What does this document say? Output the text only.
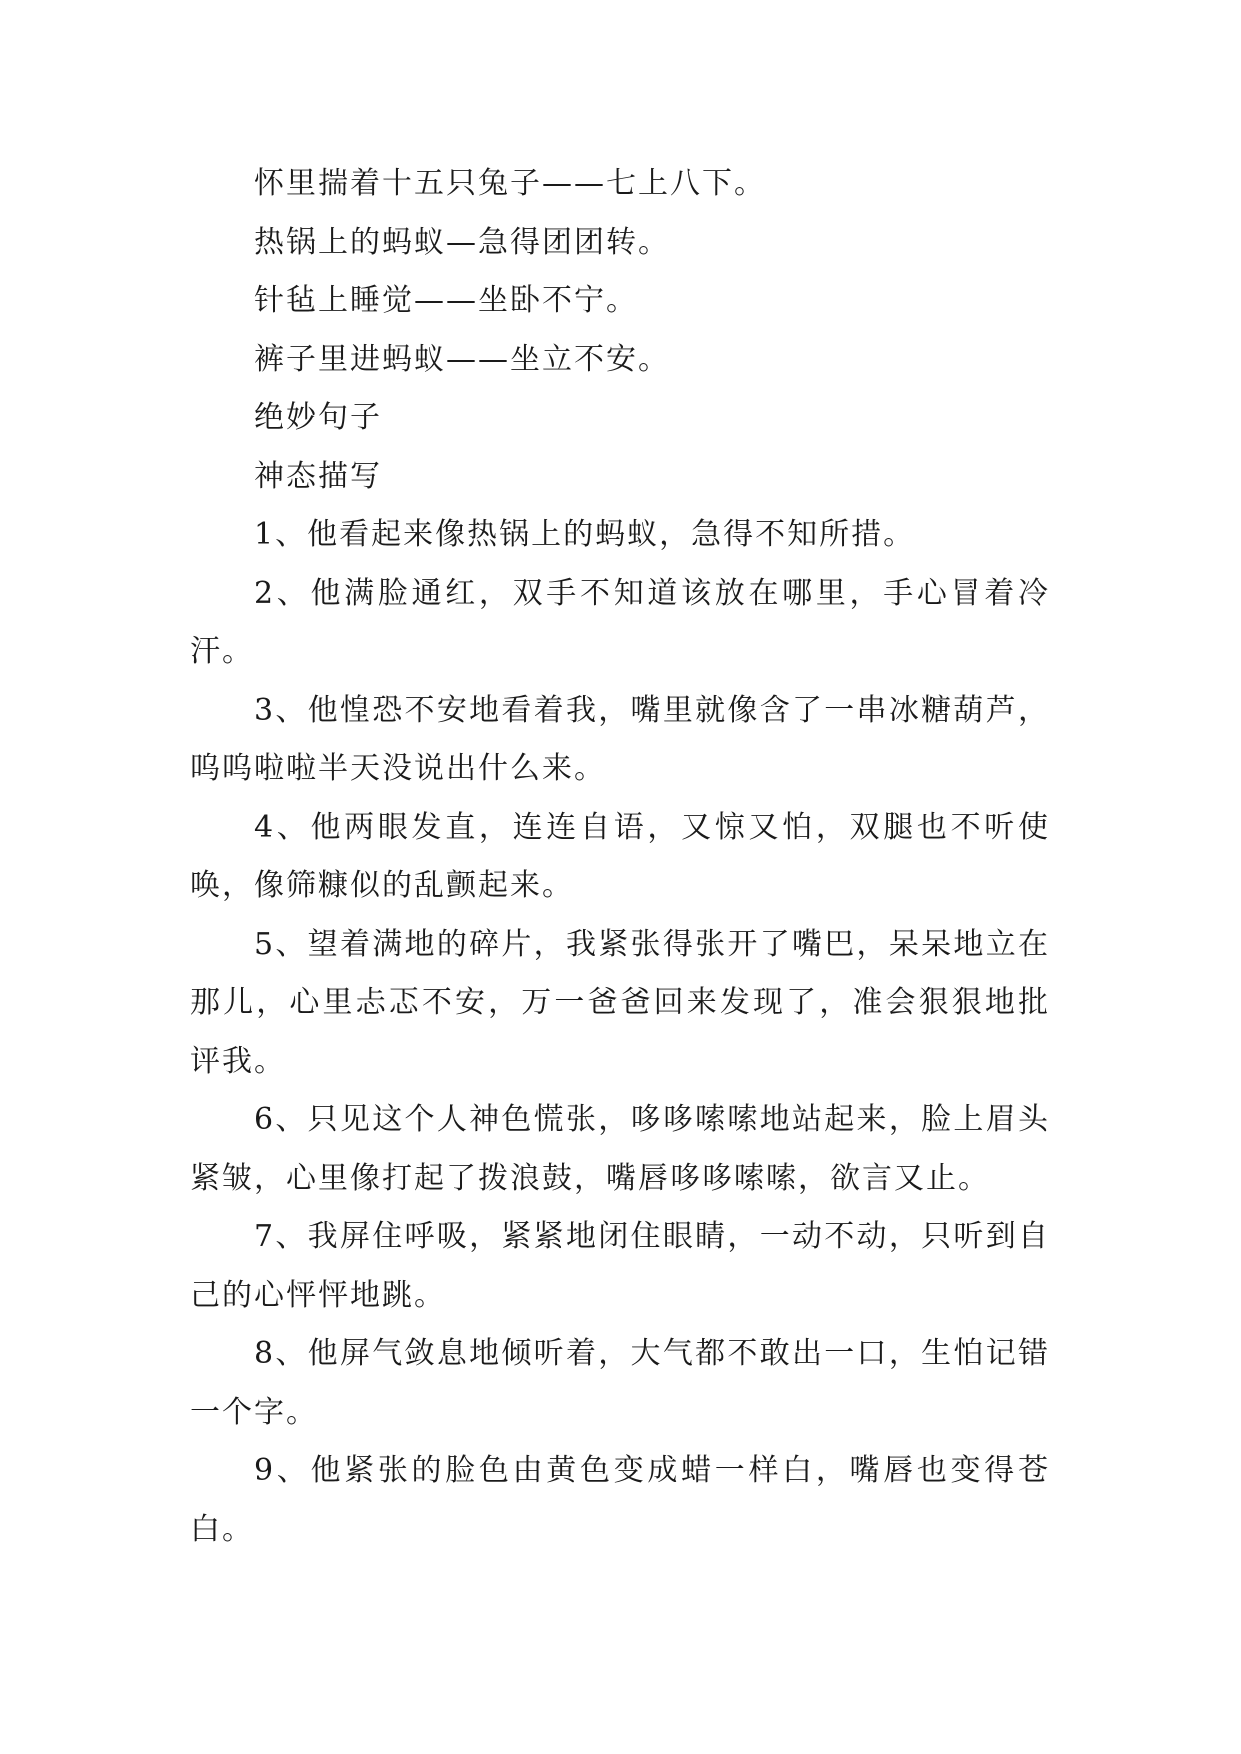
怀里揣着十五只兔子——七上八下。

热锅上的蚂蚁—急得团团转。

针毡上睡觉——坐卧不宁。

裤子里进蚂蚁——坐立不安。

绝妙句子

神态描写

1、他看起来像热锅上的蚂蚁，急得不知所措。

2、他满脸通红，双手不知道该放在哪里，手心冒着冷汗。

3、他惶恐不安地看着我，嘴里就像含了一串冰糖葫芦，呜呜啦啦半天没说出什么来。

4、他两眼发直，连连自语，又惊又怕，双腿也不听使唤，像筛糠似的乱颤起来。

5、望着满地的碎片，我紧张得张开了嘴巴，呆呆地立在那儿，心里忐忑不安，万一爸爸回来发现了，准会狠狠地批评我。

6、只见这个人神色慌张，哆哆嗦嗦地站起来，脸上眉头紧皱，心里像打起了拨浪鼓，嘴唇哆哆嗦嗦，欲言又止。

7、我屏住呼吸，紧紧地闭住眼睛，一动不动，只听到自己的心怦怦地跳。

8、他屏气敛息地倾听着，大气都不敢出一口，生怕记错一个字。

9、他紧张的脸色由黄色变成蜡一样白，嘴唇也变得苍白。
